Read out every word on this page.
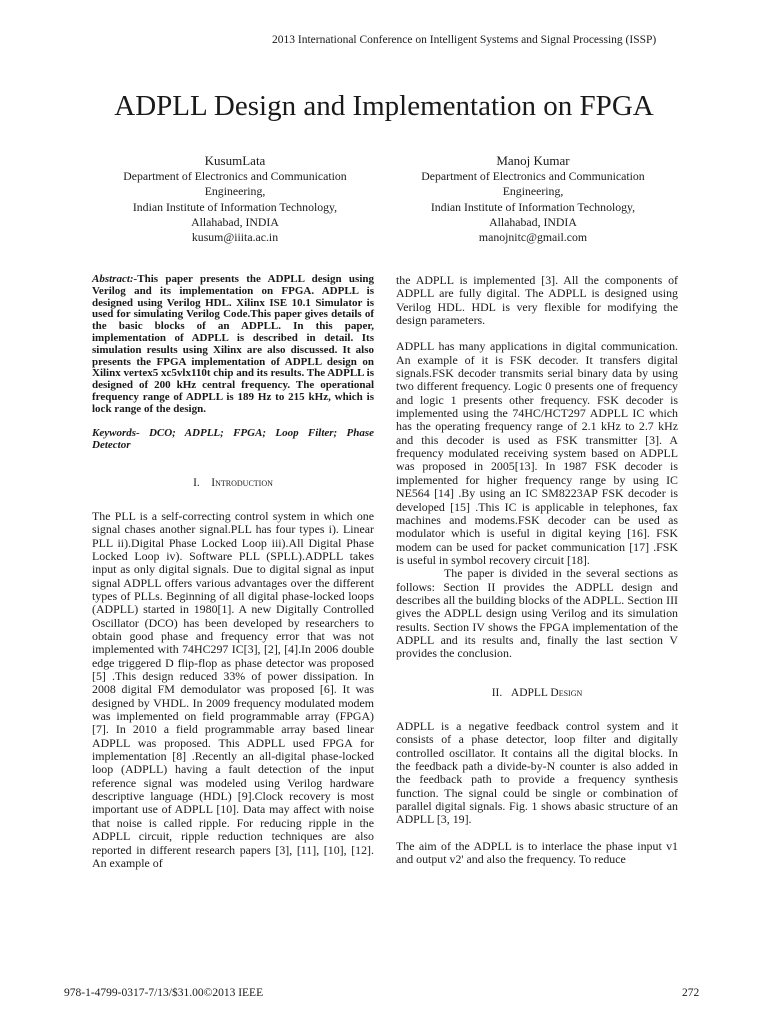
2013 International Conference on Intelligent Systems and Signal Processing (ISSP)
ADPLL Design and Implementation on FPGA
KusumLata
Department of Electronics and Communication
Engineering,
Indian Institute of Information Technology,
Allahabad, INDIA
kusum@iiita.ac.in
Manoj Kumar
Department of Electronics and Communication
Engineering,
Indian Institute of Information Technology,
Allahabad, INDIA
manojnitc@gmail.com

Abstract:-This paper presents the ADPLL design using Verilog and its implementation on FPGA. ADPLL is designed using Verilog HDL. Xilinx ISE 10.1 Simulator is used for simulating Verilog Code.This paper gives details of the basic blocks of an ADPLL. In this paper, implementation of ADPLL is described in detail. Its simulation results using Xilinx are also discussed. It also presents the FPGA implementation of ADPLL design on Xilinx vertex5 xc5vlx110t chip and its results. The ADPLL is designed of 200 kHz central frequency. The operational frequency range of ADPLL is 189 Hz to 215 kHz, which is lock range of the design.

Keywords- DCO; ADPLL; FPGA; Loop Filter; Phase Detector

I. Introduction

The PLL is a self-correcting control system in which one signal chases another signal.PLL has four types i). Linear PLL ii).Digital Phase Locked Loop iii).All Digital Phase Locked Loop iv). Software PLL (SPLL).ADPLL takes input as only digital signals. Due to digital signal as input signal ADPLL offers various advantages over the different types of PLLs. Beginning of all digital phase-locked loops (ADPLL) started in 1980[1]. A new Digitally Controlled Oscillator (DCO) has been developed by researchers to obtain good phase and frequency error that was not implemented with 74HC297 IC[3], [2], [4].In 2006 double edge triggered D flip-flop as phase detector was proposed [5] .This design reduced 33% of power dissipation. In 2008 digital FM demodulator was proposed [6]. It was designed by VHDL. In 2009 frequency modulated modem was implemented on field programmable array (FPGA) [7]. In 2010 a field programmable array based linear ADPLL was proposed. This ADPLL used FPGA for implementation [8] .Recently an all-digital phase-locked loop (ADPLL) having a fault detection of the input reference signal was modeled using Verilog hardware descriptive language (HDL) [9].Clock recovery is most important use of ADPLL [10]. Data may affect with noise that noise is called ripple. For reducing ripple in the ADPLL circuit, ripple reduction techniques are also reported in different research papers [3], [11], [10], [12]. An example of

the ADPLL is implemented [3]. All the components of ADPLL are fully digital. The ADPLL is designed using Verilog HDL. HDL is very flexible for modifying the design parameters.

ADPLL has many applications in digital communication. An example of it is FSK decoder. It transfers digital signals.FSK decoder transmits serial binary data by using two different frequency. Logic 0 presents one of frequency and logic 1 presents other frequency. FSK decoder is implemented using the 74HC/HCT297 ADPLL IC which has the operating frequency range of 2.1 kHz to 2.7 kHz and this decoder is used as FSK transmitter [3]. A frequency modulated receiving system based on ADPLL was proposed in 2005[13]. In 1987 FSK decoder is implemented for higher frequency range by using IC NE564 [14] .By using an IC SM8223AP FSK decoder is developed [15] .This IC is applicable in telephones, fax machines and modems.FSK decoder can be used as modulator which is useful in digital keying [16]. FSK modem can be used for packet communication [17] .FSK is useful in symbol recovery circuit [18].

The paper is divided in the several sections as follows: Section II provides the ADPLL design and describes all the building blocks of the ADPLL. Section III gives the ADPLL design using Verilog and its simulation results. Section IV shows the FPGA implementation of the ADPLL and its results and, finally the last section V provides the conclusion.

II. ADPLL Design

ADPLL is a negative feedback control system and it consists of a phase detector, loop filter and digitally controlled oscillator. It contains all the digital blocks. In the feedback path a divide-by-N counter is also added in the feedback path to provide a frequency synthesis function. The signal could be single or combination of parallel digital signals. Fig. 1 shows abasic structure of an ADPLL [3, 19].

The aim of the ADPLL is to interlace the phase input v1 and output v2' and also the frequency. To reduce

978-1-4799-0317-7/13/$31.00©2013 IEEE	272
